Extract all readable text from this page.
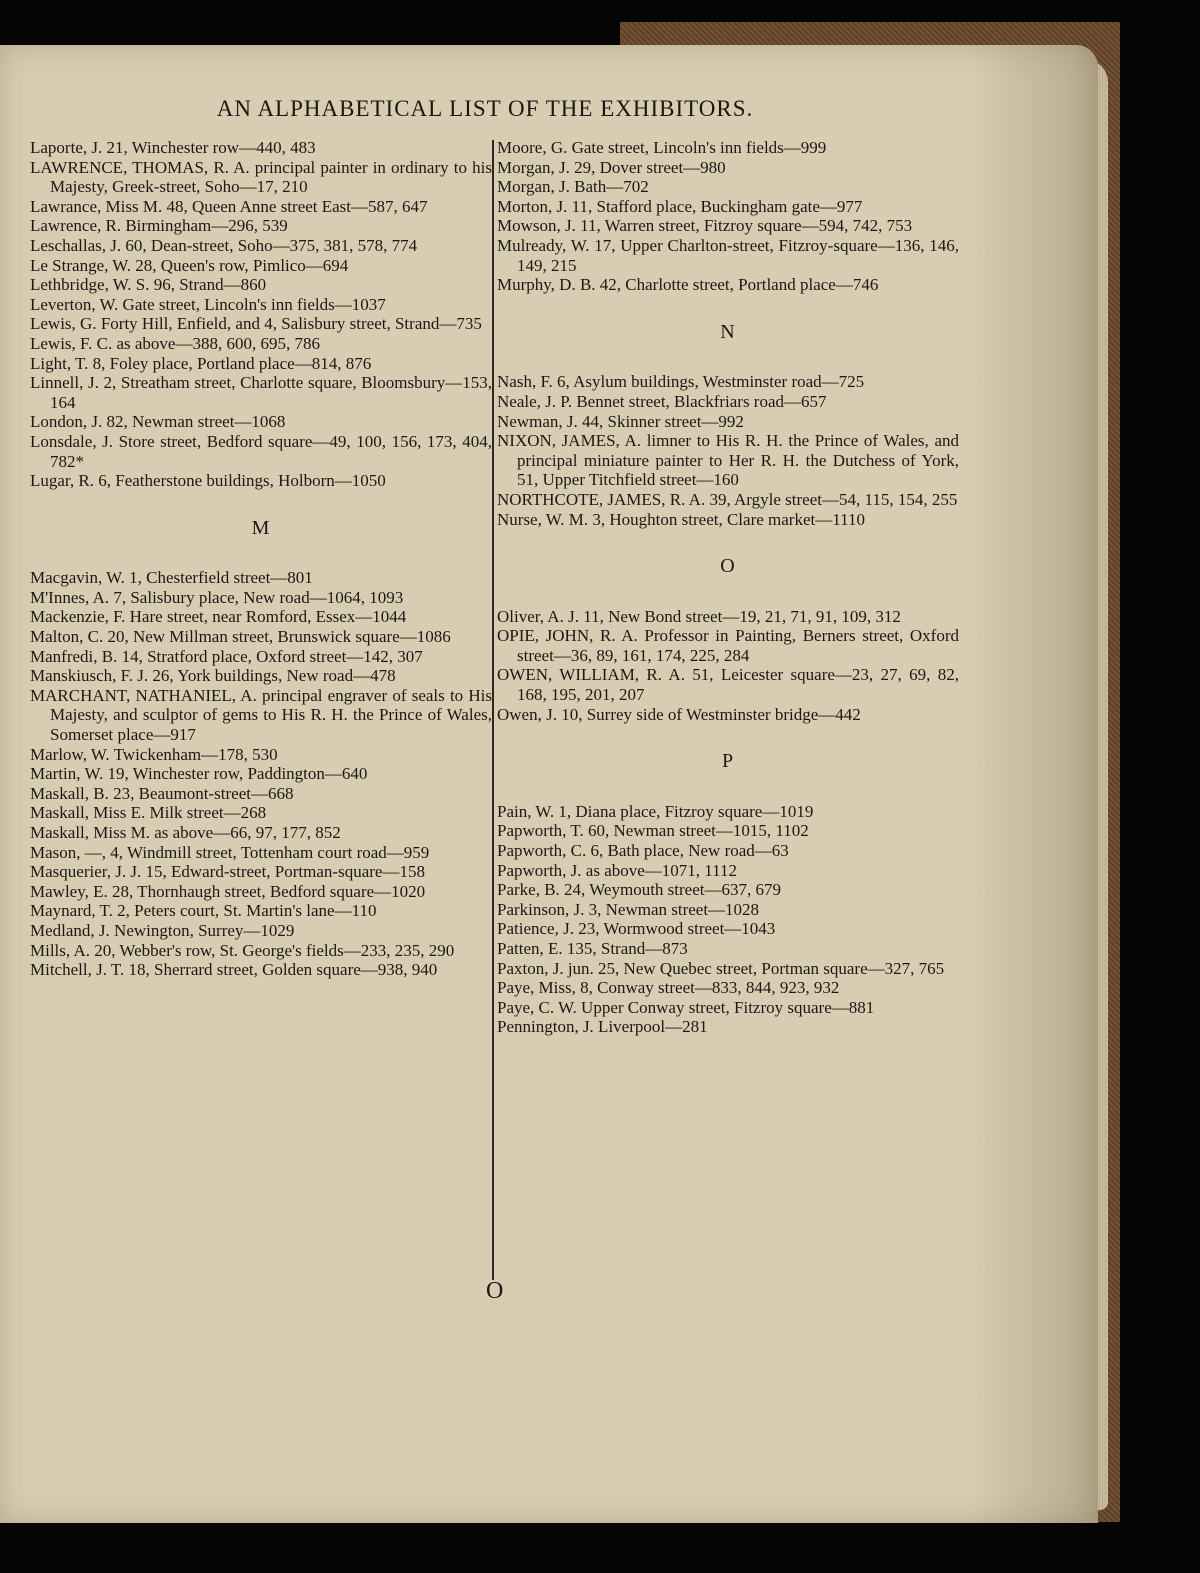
AN ALPHABETICAL LIST OF THE EXHIBITORS.
Laporte, J. 21, Winchester row—440, 483
LAWRENCE, THOMAS, R. A. principal painter in ordinary to his Majesty, Greek-street, Soho—17, 210
Lawrance, Miss M. 48, Queen Anne street East—587, 647
Lawrence, R. Birmingham—296, 539
Leschallas, J. 60, Dean-street, Soho—375, 381, 578, 774
Le Strange, W. 28, Queen's row, Pimlico—694
Lethbridge, W. S. 96, Strand—860
Leverton, W. Gate street, Lincoln's inn fields—1037
Lewis, G. Forty Hill, Enfield, and 4, Salisbury street, Strand—735
Lewis, F. C. as above—388, 600, 695, 786
Light, T. 8, Foley place, Portland place—814, 876
Linnell, J. 2, Streatham street, Charlotte square, Bloomsbury—153, 164
London, J. 82, Newman street—1068
Lonsdale, J. Store street, Bedford square—49, 100, 156, 173, 404, 782*
Lugar, R. 6, Featherstone buildings, Holborn—1050
M
Macgavin, W. 1, Chesterfield street—801
M'Innes, A. 7, Salisbury place, New road—1064, 1093
Mackenzie, F. Hare street, near Romford, Essex—1044
Malton, C. 20, New Millman street, Brunswick square—1086
Manfredi, B. 14, Stratford place, Oxford street—142, 307
Manskiusch, F. J. 26, York buildings, New road—478
MARCHANT, NATHANIEL, A. principal engraver of seals to His Majesty, and sculptor of gems to His R. H. the Prince of Wales, Somerset place—917
Marlow, W. Twickenham—178, 530
Martin, W. 19, Winchester row, Paddington—640
Maskall, B. 23, Beaumont-street—668
Maskall, Miss E. Milk street—268
Maskall, Miss M. as above—66, 97, 177, 852
Mason, —, 4, Windmill street, Tottenham court road—959
Masquerier, J. J. 15, Edward-street, Portman-square—158
Mawley, E. 28, Thornhaugh street, Bedford square—1020
Maynard, T. 2, Peters court, St. Martin's lane—110
Medland, J. Newington, Surrey—1029
Mills, A. 20, Webber's row, St. George's fields—233, 235, 290
Mitchell, J. T. 18, Sherrard street, Golden square—938, 940
Moore, G. Gate street, Lincoln's inn fields—999
Morgan, J. 29, Dover street—980
Morgan, J. Bath—702
Morton, J. 11, Stafford place, Buckingham gate—977
Mowson, J. 11, Warren street, Fitzroy square—594, 742, 753
Mulready, W. 17, Upper Charlton-street, Fitzroy-square—136, 146, 149, 215
Murphy, D. B. 42, Charlotte street, Portland place—746
N
Nash, F. 6, Asylum buildings, Westminster road—725
Neale, J. P. Bennet street, Blackfriars road—657
Newman, J. 44, Skinner street—992
NIXON, JAMES, A. limner to His R. H. the Prince of Wales, and principal miniature painter to Her R. H. the Dutchess of York, 51, Upper Titchfield street—160
NORTHCOTE, JAMES, R. A. 39, Argyle street—54, 115, 154, 255
Nurse, W. M. 3, Houghton street, Clare market—1110
O
Oliver, A. J. 11, New Bond street—19, 21, 71, 91, 109, 312
OPIE, JOHN, R. A. Professor in Painting, Berners street, Oxford street—36, 89, 161, 174, 225, 284
OWEN, WILLIAM, R. A. 51, Leicester square—23, 27, 69, 82, 168, 195, 201, 207
Owen, J. 10, Surrey side of Westminster bridge—442
P
Pain, W. 1, Diana place, Fitzroy square—1019
Papworth, T. 60, Newman street—1015, 1102
Papworth, C. 6, Bath place, New road—63
Papworth, J. as above—1071, 1112
Parke, B. 24, Weymouth street—637, 679
Parkinson, J. 3, Newman street—1028
Patience, J. 23, Wormwood street—1043
Patten, E. 135, Strand—873
Paxton, J. jun. 25, New Quebec street, Portman square—327, 765
Paye, Miss, 8, Conway street—833, 844, 923, 932
Paye, C. W. Upper Conway street, Fitzroy square—881
Pennington, J. Liverpool—281
O
